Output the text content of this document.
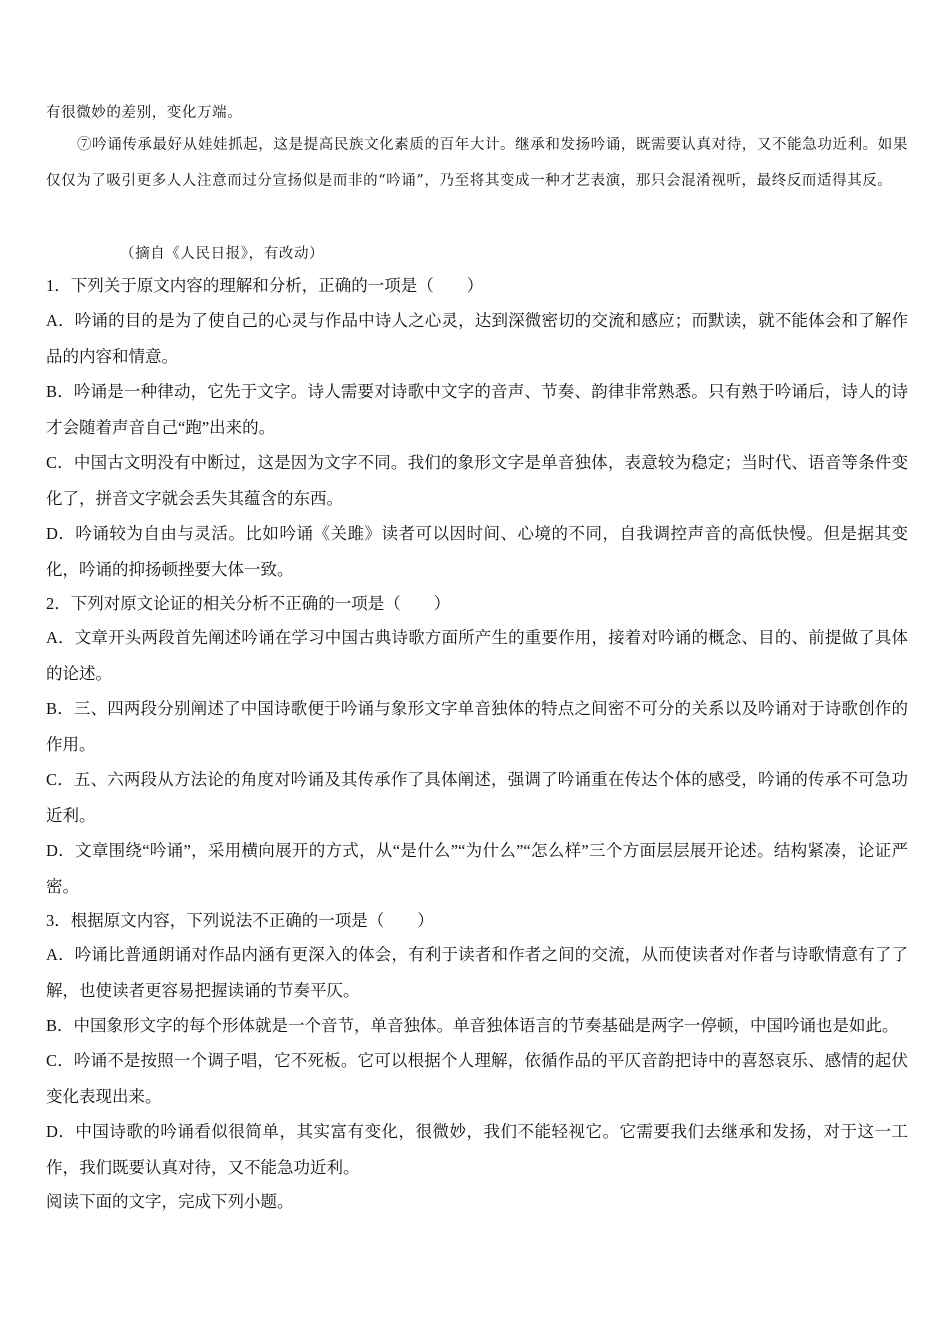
有很微妙的差别，变化万端。

⑦吟诵传承最好从娃娃抓起，这是提高民族文化素质的百年大计。继承和发扬吟诵，既需要认真对待，又不能急功近利。如果仅仅为了吸引更多人人注意而过分宣扬似是而非的“吟诵”，乃至将其变成一种才艺表演，那只会混淆视听，最终反而适得其反。

（摘自《人民日报》，有改动）

1．下列关于原文内容的理解和分析，正确的一项是（　　）

A．吟诵的目的是为了使自己的心灵与作品中诗人之心灵，达到深微密切的交流和感应；而默读，就不能体会和了解作品的内容和情意。

B．吟诵是一种律动，它先于文字。诗人需要对诗歌中文字的音声、节奏、韵律非常熟悉。只有熟于吟诵后，诗人的诗才会随着声音自己“跑”出来的。

C．中国古文明没有中断过，这是因为文字不同。我们的象形文字是单音独体，表意较为稳定；当时代、语音等条件变化了，拼音文字就会丢失其蕴含的东西。

D．吟诵较为自由与灵活。比如吟诵《关雎》读者可以因时间、心境的不同，自我调控声音的高低快慢。但是据其变化，吟诵的抑扬顿挫要大体一致。

2．下列对原文论证的相关分析不正确的一项是（　　）

A．文章开头两段首先阐述吟诵在学习中国古典诗歌方面所产生的重要作用，接着对吟诵的概念、目的、前提做了具体的论述。

B．三、四两段分别阐述了中国诗歌便于吟诵与象形文字单音独体的特点之间密不可分的关系以及吟诵对于诗歌创作的作用。

C．五、六两段从方法论的角度对吟诵及其传承作了具体阐述，强调了吟诵重在传达个体的感受，吟诵的传承不可急功近利。

D．文章围绕“吟诵”，采用横向展开的方式，从“是什么”“为什么”“怎么样”三个方面层层展开论述。结构紧凑，论证严密。

3．根据原文内容，下列说法不正确的一项是（　　）

A．吟诵比普通朗诵对作品内涵有更深入的体会，有利于读者和作者之间的交流，从而使读者对作者与诗歌情意有了了解，也使读者更容易把握读诵的节奏平仄。

B．中国象形文字的每个形体就是一个音节，单音独体。单音独体语言的节奏基础是两字一停顿，中国吟诵也是如此。

C．吟诵不是按照一个调子唱，它不死板。它可以根据个人理解，依循作品的平仄音韵把诗中的喜怒哀乐、感情的起伏变化表现出来。

D．中国诗歌的吟诵看似很简单，其实富有变化，很微妙，我们不能轻视它。它需要我们去继承和发扬，对于这一工作，我们既要认真对待，又不能急功近利。

阅读下面的文字，完成下列小题。
